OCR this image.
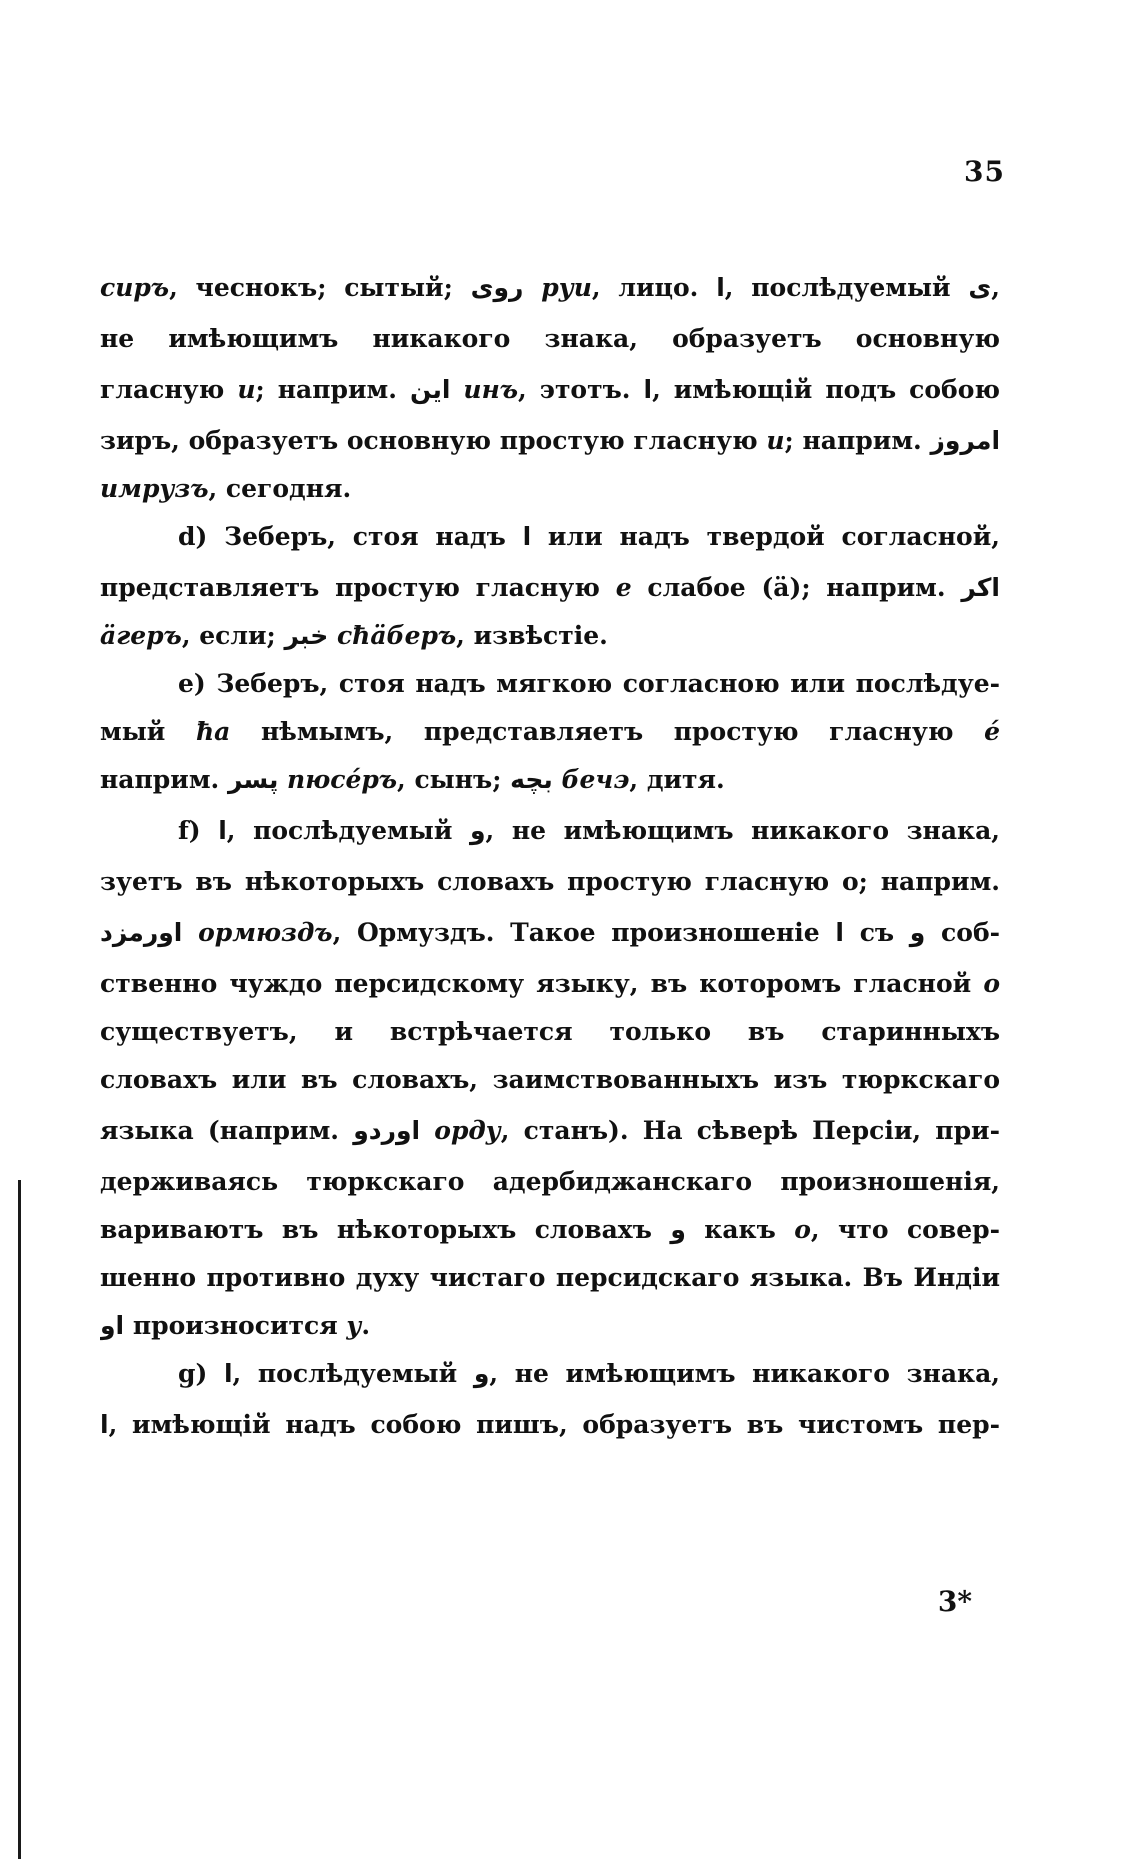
35
сиръ, чеснокъ; сытый; روی руи, лицо. ا, послѣдуемый ی,
не имѣющимъ никакого знака, образуетъ основную
гласную и; наприм. این инъ, этотъ. ا, имѣющій подъ собою
зиръ, образуетъ основную простую гласную и; наприм. امروز
имрузъ, сегодня.
d) Зеберъ, стоя надъ ا или надъ твердой согласной,
представляетъ простую гласную е слабое (ä); наприм. اکر
äгеръ, если; خبر cħäберъ, извѣстіе.
e) Зеберъ, стоя надъ мягкою согласною или послѣдуе-
мый ħа нѣмымъ, представляетъ простую гласную é
наприм. پسر пюсéръ, сынъ; بچه бечэ, дитя.
f) ا, послѣдуемый و, не имѣющимъ никакого знака,
зуетъ въ нѣкоторыхъ словахъ простую гласную о; наприм.
اورمزد ормюздъ, Ормуздъ. Такое произношеніе ا съ و соб-
ственно чуждо персидскому языку, въ которомъ гласной о
существуетъ, и встрѣчается только въ старинныхъ
словахъ или въ словахъ, заимствованныхъ изъ тюркскаго
языка (наприм. اوردو орду, станъ). На сѣверѣ Персіи, при-
держиваясь тюркскаго адербиджанскаго произношенія,
вариваютъ въ нѣкоторыхъ словахъ و какъ о, что совер-
шенно противно духу чистаго персидскаго языка. Въ Индіи
او произносится у.
g) ا, послѣдуемый و, не имѣющимъ никакого знака,
ا, имѣющій надъ собою пишъ, образуетъ въ чистомъ пер-
3*
